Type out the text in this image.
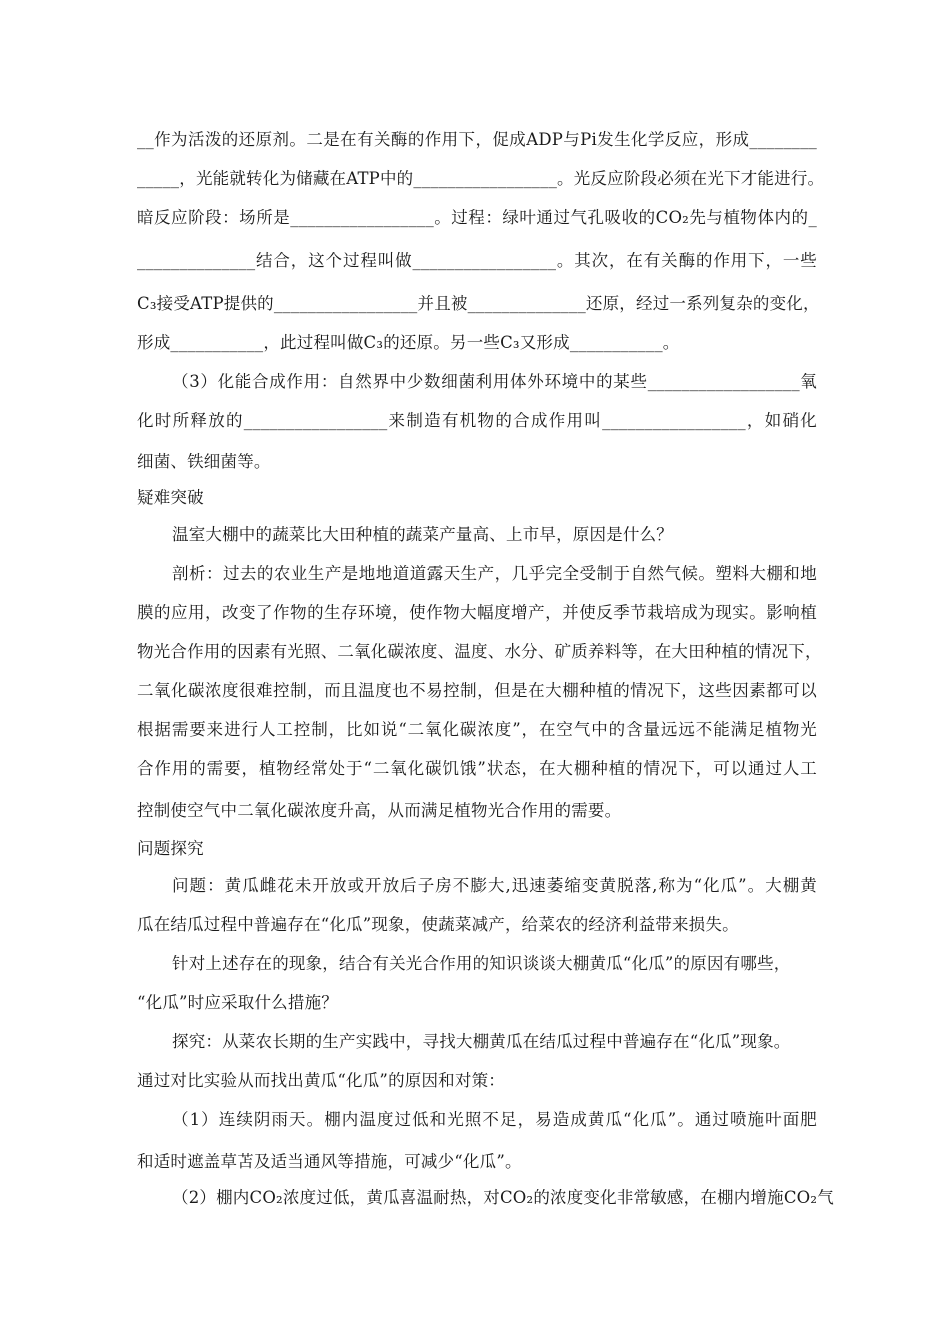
__作为活泼的还原剂。二是在有关酶的作用下，促成ADP与Pi发生化学反应，形成________
_____，光能就转化为储藏在ATP中的_________________。光反应阶段必须在光下才能进行。
暗反应阶段：场所是_________________。过程：绿叶通过气孔吸收的CO₂先与植物体内的_
______________结合，这个过程叫做_________________。其次，在有关酶的作用下，一些
C₃接受ATP提供的_________________并且被______________还原，经过一系列复杂的变化，
形成___________，此过程叫做C₃的还原。另一些C₃又形成___________。
（3）化能合成作用：自然界中少数细菌利用体外环境中的某些__________________氧
化时所释放的_________________来制造有机物的合成作用叫_________________，如硝化
细菌、铁细菌等。
疑难突破
温室大棚中的蔬菜比大田种植的蔬菜产量高、上市早，原因是什么？
剖析：过去的农业生产是地地道道露天生产，几乎完全受制于自然气候。塑料大棚和地
膜的应用，改变了作物的生存环境，使作物大幅度增产，并使反季节栽培成为现实。影响植
物光合作用的因素有光照、二氧化碳浓度、温度、水分、矿质养料等，在大田种植的情况下，
二氧化碳浓度很难控制，而且温度也不易控制，但是在大棚种植的情况下，这些因素都可以
根据需要来进行人工控制，比如说“二氧化碳浓度”，在空气中的含量远远不能满足植物光
合作用的需要，植物经常处于“二氧化碳饥饿”状态，在大棚种植的情况下，可以通过人工
控制使空气中二氧化碳浓度升高，从而满足植物光合作用的需要。
问题探究
问题：黄瓜雌花未开放或开放后子房不膨大,迅速萎缩变黄脱落,称为“化瓜”。大棚黄
瓜在结瓜过程中普遍存在“化瓜”现象，使蔬菜减产，给菜农的经济利益带来损失。
针对上述存在的现象，结合有关光合作用的知识谈谈大棚黄瓜“化瓜”的原因有哪些，
“化瓜”时应采取什么措施？
探究：从菜农长期的生产实践中，寻找大棚黄瓜在结瓜过程中普遍存在“化瓜”现象。
通过对比实验从而找出黄瓜“化瓜”的原因和对策：
（1）连续阴雨天。棚内温度过低和光照不足，易造成黄瓜“化瓜”。通过喷施叶面肥
和适时遮盖草苫及适当通风等措施，可减少“化瓜”。
（2）棚内CO₂浓度过低，黄瓜喜温耐热，对CO₂的浓度变化非常敏感，在棚内增施CO₂气
